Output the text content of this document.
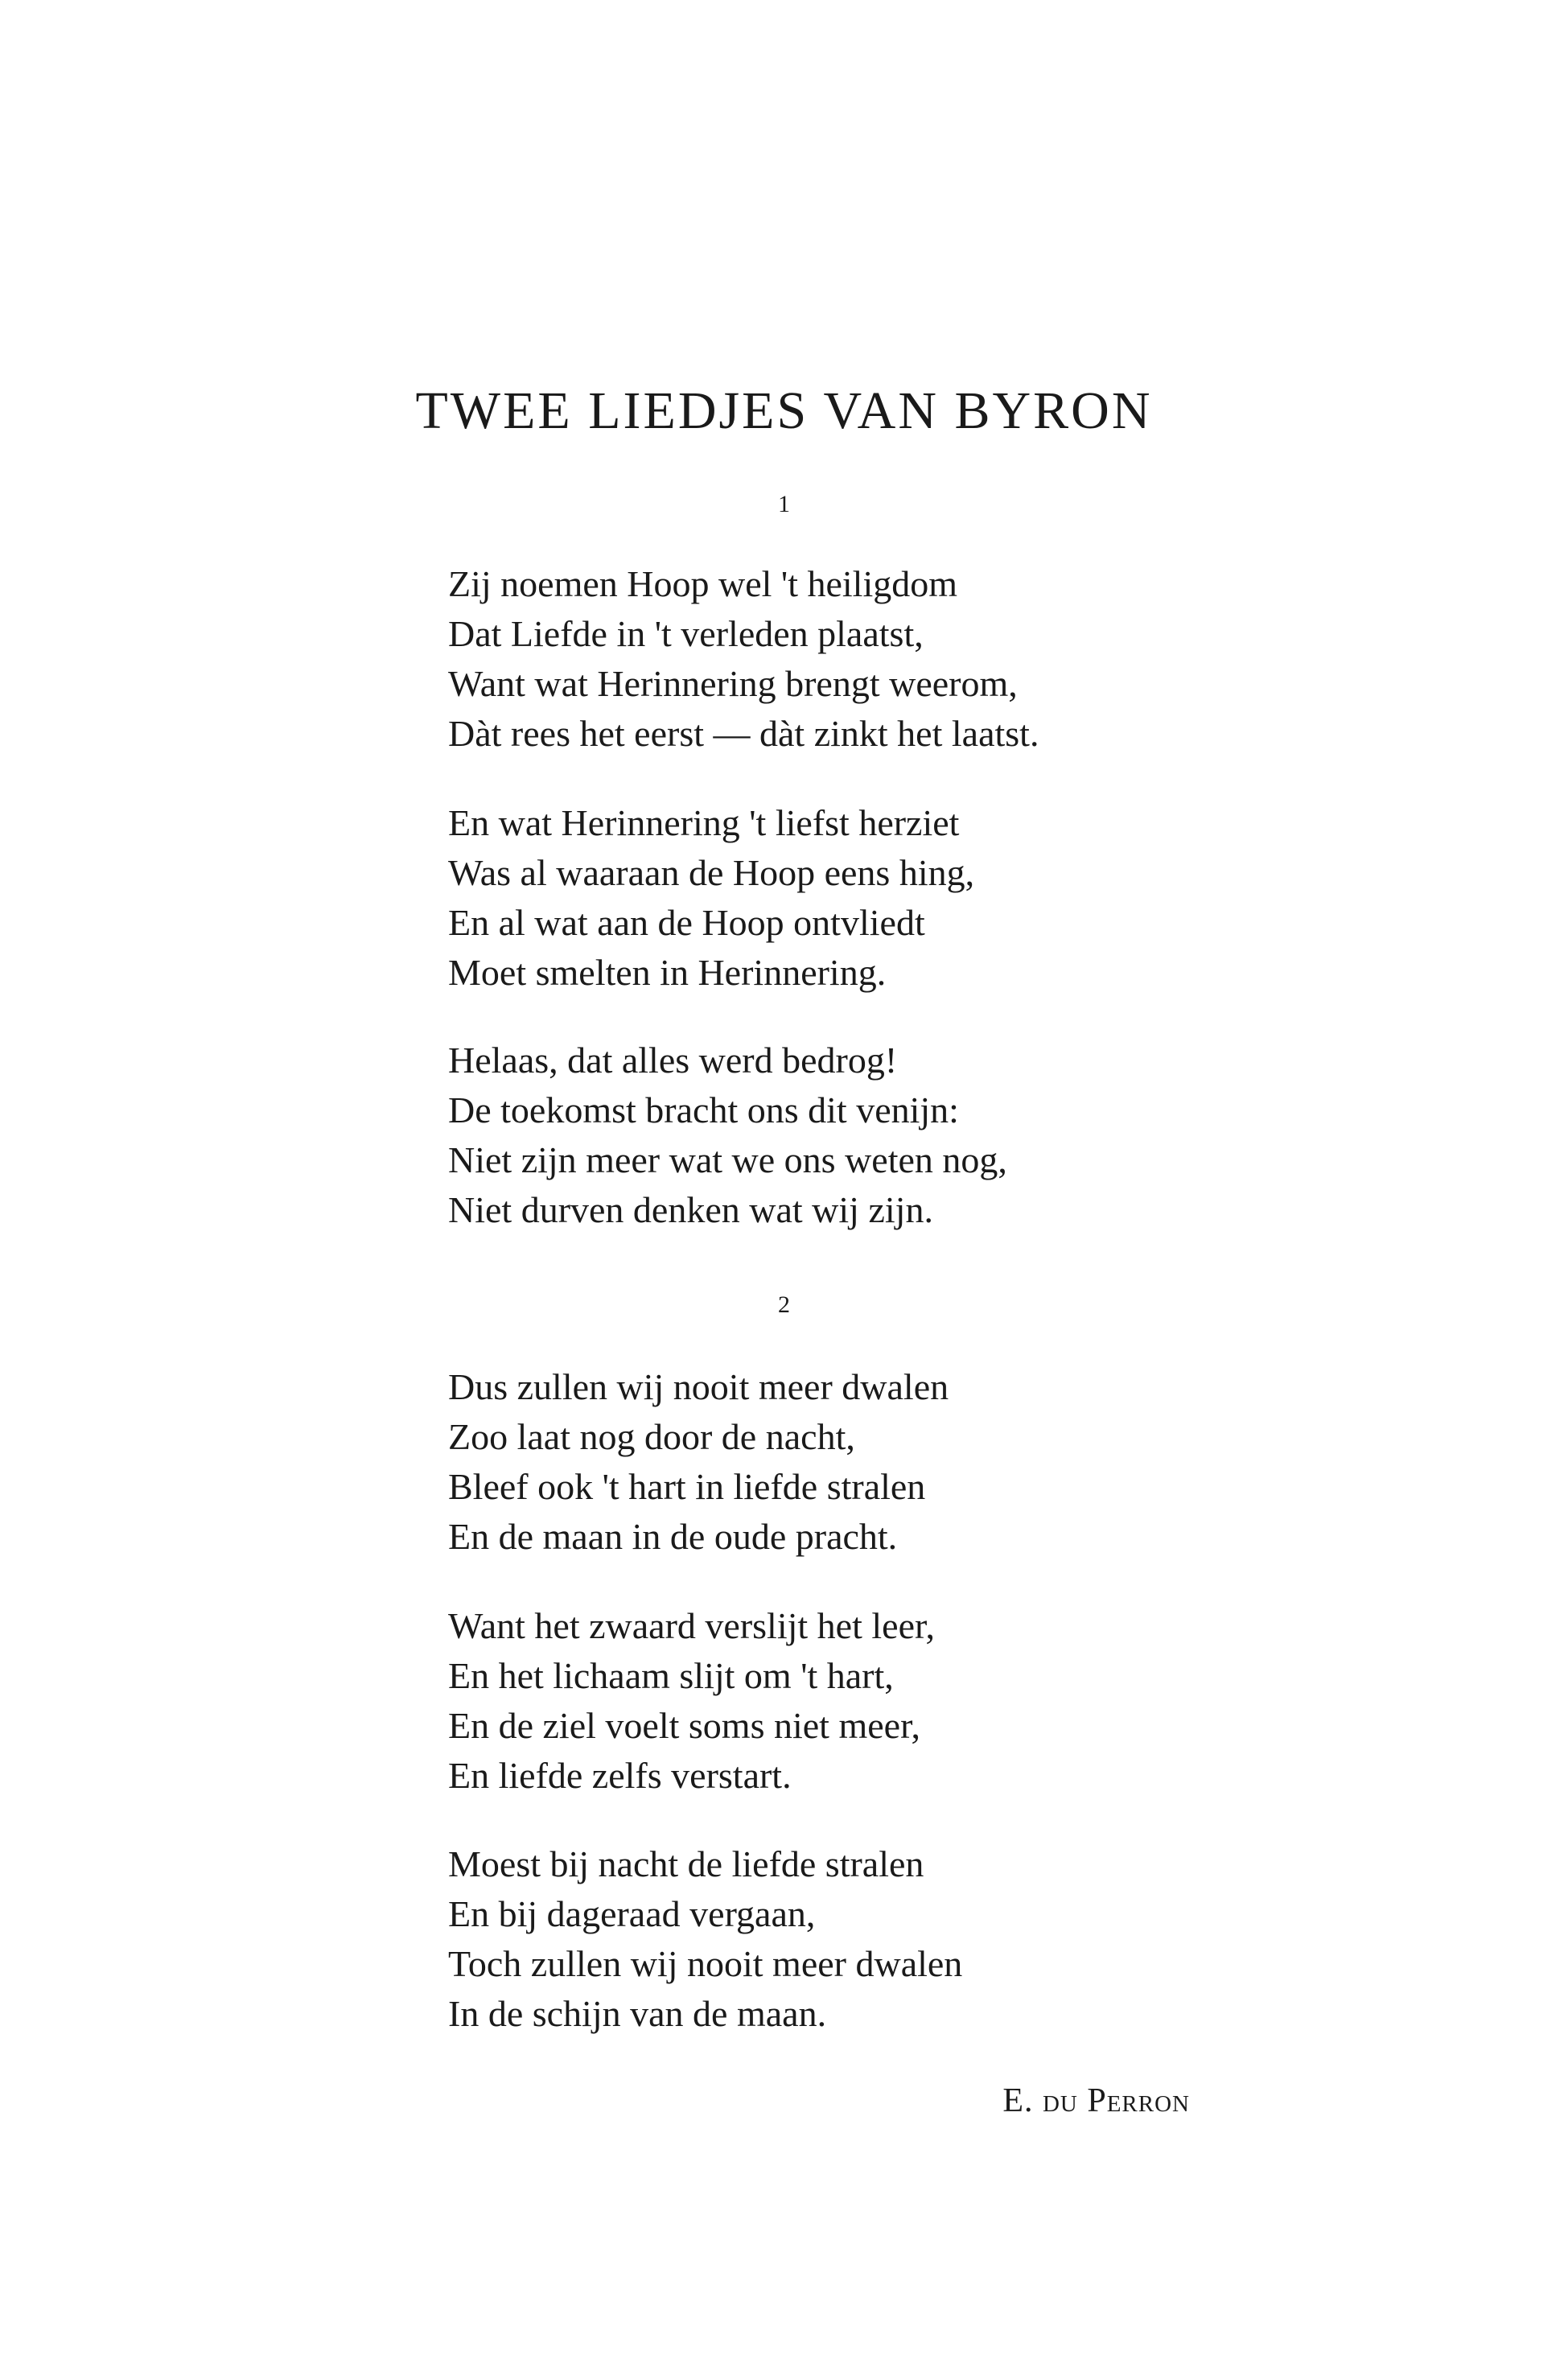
TWEE LIEDJES VAN BYRON
1
Zij noemen Hoop wel 't heiligdom
Dat Liefde in 't verleden plaatst,
Want wat Herinnering brengt weerom,
Dàt rees het eerst — dàt zinkt het laatst.
En wat Herinnering 't liefst herziet
Was al waaraan de Hoop eens hing,
En al wat aan de Hoop ontvliedt
Moet smelten in Herinnering.
Helaas, dat alles werd bedrog!
De toekomst bracht ons dit venijn:
Niet zijn meer wat we ons weten nog,
Niet durven denken wat wij zijn.
2
Dus zullen wij nooit meer dwalen
Zoo laat nog door de nacht,
Bleef ook 't hart in liefde stralen
En de maan in de oude pracht.
Want het zwaard verslijt het leer,
En het lichaam slijt om 't hart,
En de ziel voelt soms niet meer,
En liefde zelfs verstart.
Moest bij nacht de liefde stralen
En bij dageraad vergaan,
Toch zullen wij nooit meer dwalen
In de schijn van de maan.
E. du Perron
